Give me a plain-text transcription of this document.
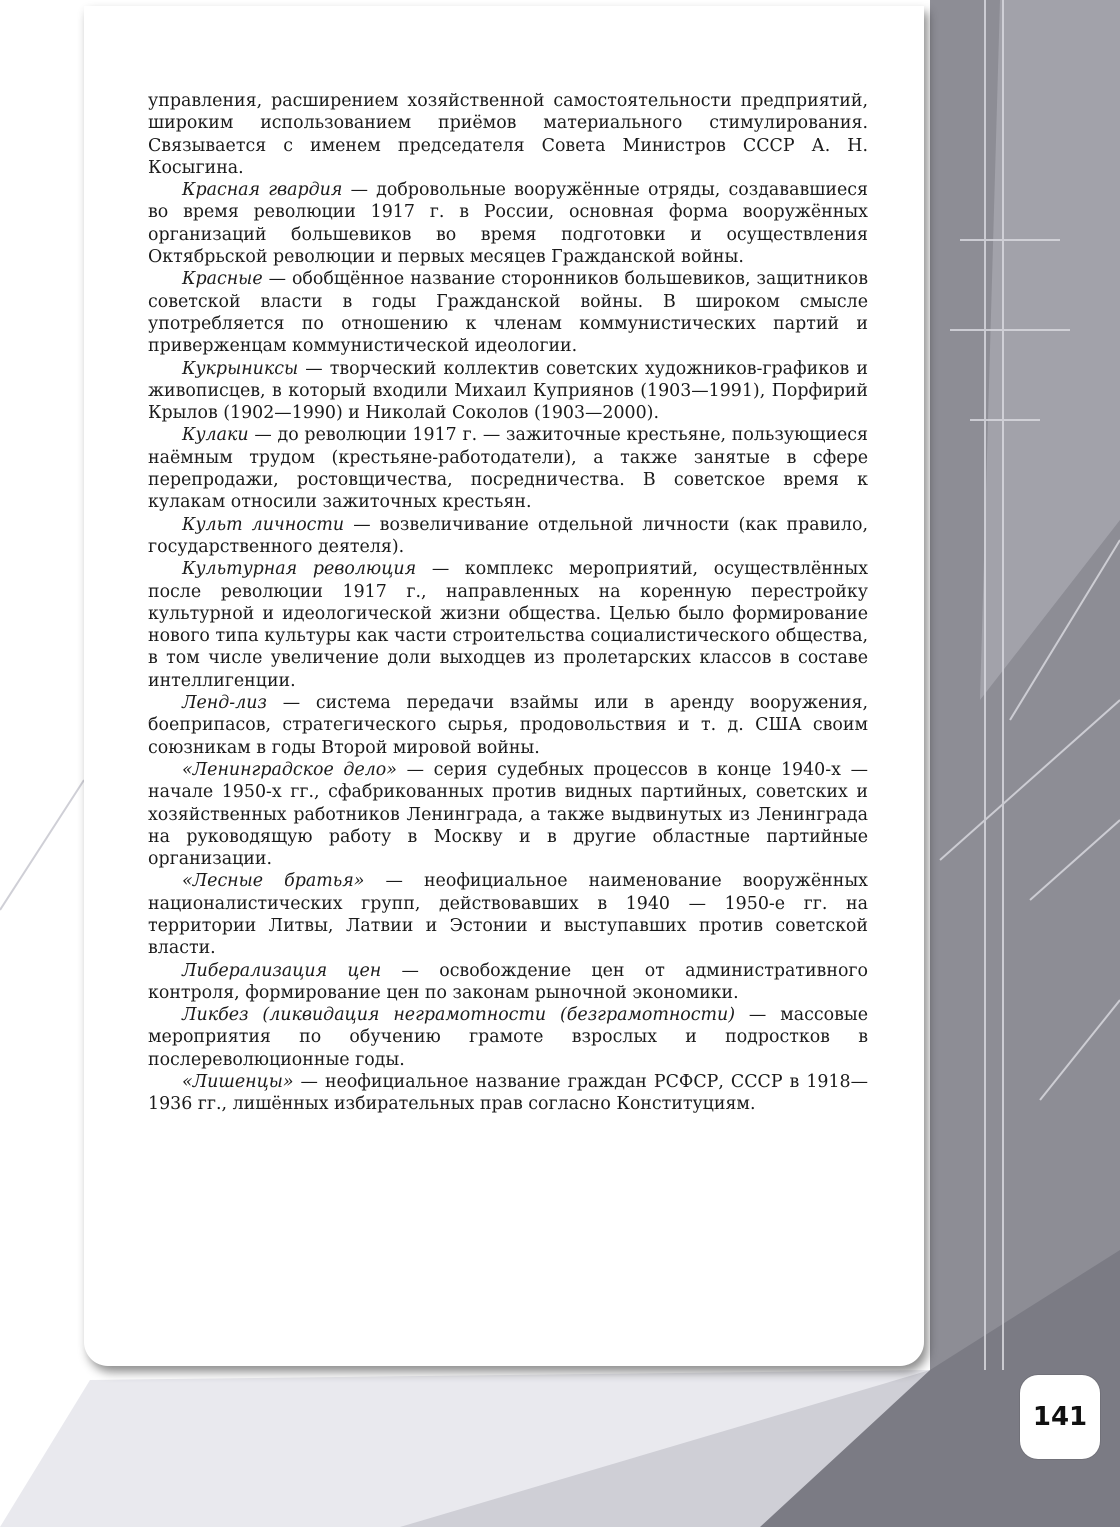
управления, расширением хозяйственной самостоятельности предприятий, широким использованием приёмов материального стимулирования. Связывается с именем председателя Совета Министров СССР А. Н. Косыгина.

Красная гвардия — добровольные вооружённые отряды, создававшиеся во время революции 1917 г. в России, основная форма вооружённых организаций большевиков во время подготовки и осуществления Октябрьской революции и первых месяцев Гражданской войны.

Красные — обобщённое название сторонников большевиков, защитников советской власти в годы Гражданской войны. В широком смысле употребляется по отношению к членам коммунистических партий и приверженцам коммунистической идеологии.

Кукрыниксы — творческий коллектив советских художников-графиков и живописцев, в который входили Михаил Куприянов (1903—1991), Порфирий Крылов (1902—1990) и Николай Соколов (1903—2000).

Кулаки — до революции 1917 г. — зажиточные крестьяне, пользующиеся наёмным трудом (крестьяне-работодатели), а также занятые в сфере перепродажи, ростовщичества, посредничества. В советское время к кулакам относили зажиточных крестьян.

Культ личности — возвеличивание отдельной личности (как правило, государственного деятеля).

Культурная революция — комплекс мероприятий, осуществлённых после революции 1917 г., направленных на коренную перестройку культурной и идеологической жизни общества. Целью было формирование нового типа культуры как части строительства социалистического общества, в том числе увеличение доли выходцев из пролетарских классов в составе интеллигенции.

Ленд-лиз — система передачи взаймы или в аренду вооружения, боеприпасов, стратегического сырья, продовольствия и т. д. США своим союзникам в годы Второй мировой войны.

«Ленинградское дело» — серия судебных процессов в конце 1940-х — начале 1950-х гг., сфабрикованных против видных партийных, советских и хозяйственных работников Ленинграда, а также выдвинутых из Ленинграда на руководящую работу в Москву и в другие областные партийные организации.

«Лесные братья» — неофициальное наименование вооружённых националистических групп, действовавших в 1940 — 1950-е гг. на территории Литвы, Латвии и Эстонии и выступавших против советской власти.

Либерализация цен — освобождение цен от административного контроля, формирование цен по законам рыночной экономики.

Ликбез (ликвидация неграмотности (безграмотности) — массовые мероприятия по обучению грамоте взрослых и подростков в послереволюционные годы.

«Лишенцы» — неофициальное название граждан РСФСР, СССР в 1918—1936 гг., лишённых избирательных прав согласно Конституциям.

141
